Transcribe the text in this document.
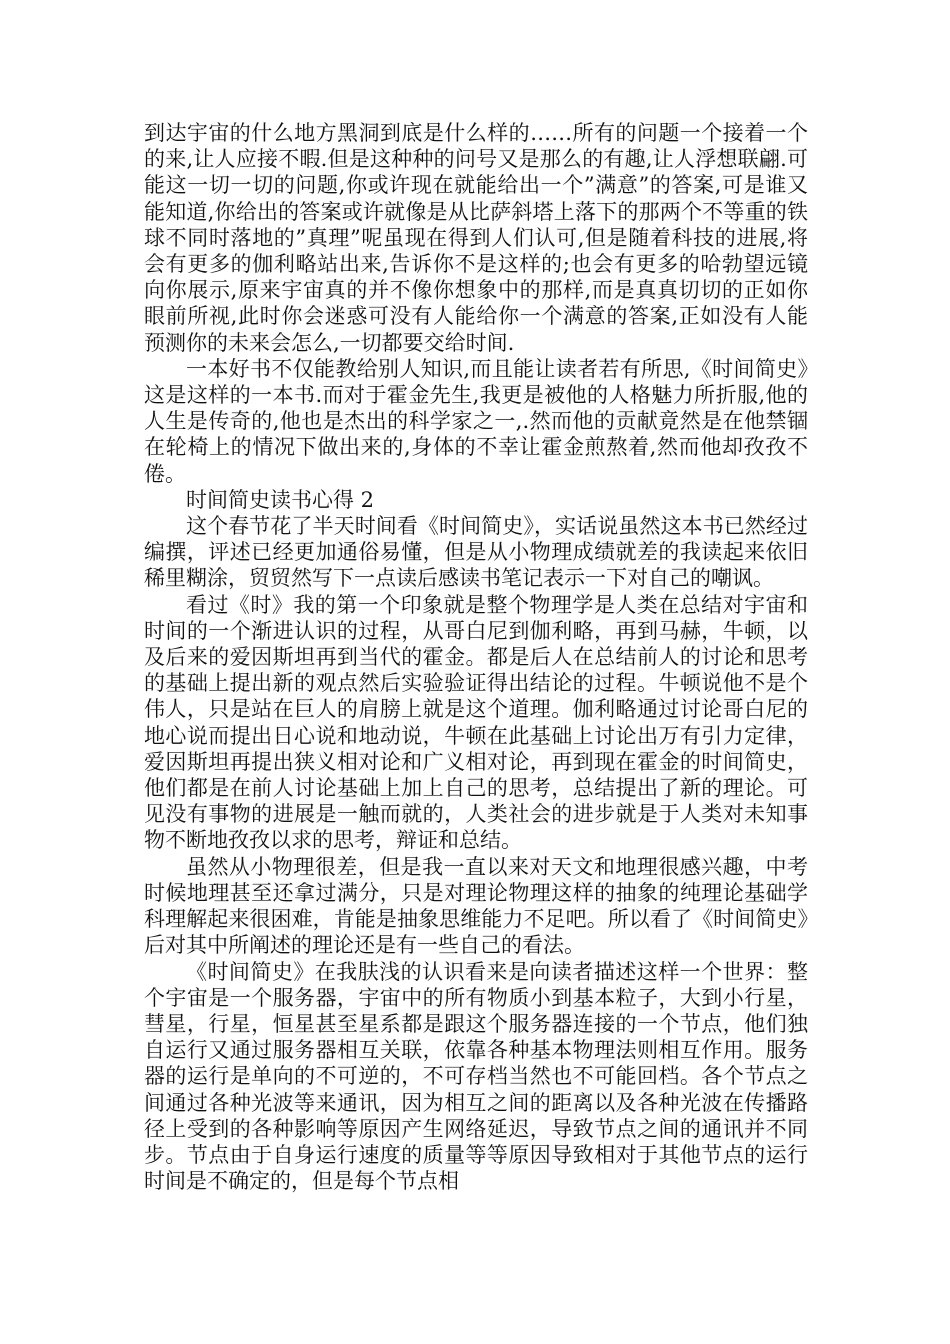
到达宇宙的什么地方黑洞到底是什么样的……所有的问题一个接着一个的来,让人应接不暇.但是这种种的问号又是那么的有趣,让人浮想联翩.可能这一切一切的问题,你或许现在就能给出一个”满意”的答案,可是谁又能知道,你给出的答案或许就像是从比萨斜塔上落下的那两个不等重的铁球不同时落地的”真理”呢虽现在得到人们认可,但是随着科技的进展,将会有更多的伽利略站出来,告诉你不是这样的;也会有更多的哈勃望远镜向你展示,原来宇宙真的并不像你想象中的那样,而是真真切切的正如你眼前所视,此时你会迷惑可没有人能给你一个满意的答案,正如没有人能预测你的未来会怎么,一切都要交给时间.

一本好书不仅能教给别人知识,而且能让读者若有所思,《时间简史》这是这样的一本书.而对于霍金先生,我更是被他的人格魅力所折服,他的人生是传奇的,他也是杰出的科学家之一,.然而他的贡献竟然是在他禁锢在轮椅上的情况下做出来的,身体的不幸让霍金煎熬着,然而他却孜孜不倦。

时间简史读书心得 2

这个春节花了半天时间看《时间简史》，实话说虽然这本书已然经过编撰，评述已经更加通俗易懂，但是从小物理成绩就差的我读起来依旧稀里糊涂，贸贸然写下一点读后感读书笔记表示一下对自己的嘲讽。

看过《时》我的第一个印象就是整个物理学是人类在总结对宇宙和时间的一个渐进认识的过程，从哥白尼到伽利略，再到马赫，牛顿，以及后来的爱因斯坦再到当代的霍金。都是后人在总结前人的讨论和思考的基础上提出新的观点然后实验验证得出结论的过程。牛顿说他不是个伟人，只是站在巨人的肩膀上就是这个道理。伽利略通过讨论哥白尼的地心说而提出日心说和地动说，牛顿在此基础上讨论出万有引力定律，爱因斯坦再提出狭义相对论和广义相对论，再到现在霍金的时间简史，他们都是在前人讨论基础上加上自己的思考，总结提出了新的理论。可见没有事物的进展是一触而就的，人类社会的进步就是于人类对未知事物不断地孜孜以求的思考，辩证和总结。

虽然从小物理很差，但是我一直以来对天文和地理很感兴趣，中考时候地理甚至还拿过满分，只是对理论物理这样的抽象的纯理论基础学科理解起来很困难，肯能是抽象思维能力不足吧。所以看了《时间简史》后对其中所阐述的理论还是有一些自己的看法。

《时间简史》在我肤浅的认识看来是向读者描述这样一个世界：整个宇宙是一个服务器，宇宙中的所有物质小到基本粒子，大到小行星，彗星，行星，恒星甚至星系都是跟这个服务器连接的一个节点，他们独自运行又通过服务器相互关联，依靠各种基本物理法则相互作用。服务器的运行是单向的不可逆的，不可存档当然也不可能回档。各个节点之间通过各种光波等来通讯，因为相互之间的距离以及各种光波在传播路径上受到的各种影响等原因产生网络延迟，导致节点之间的通讯并不同步。节点由于自身运行速度的质量等等原因导致相对于其他节点的运行时间是不确定的，但是每个节点相
